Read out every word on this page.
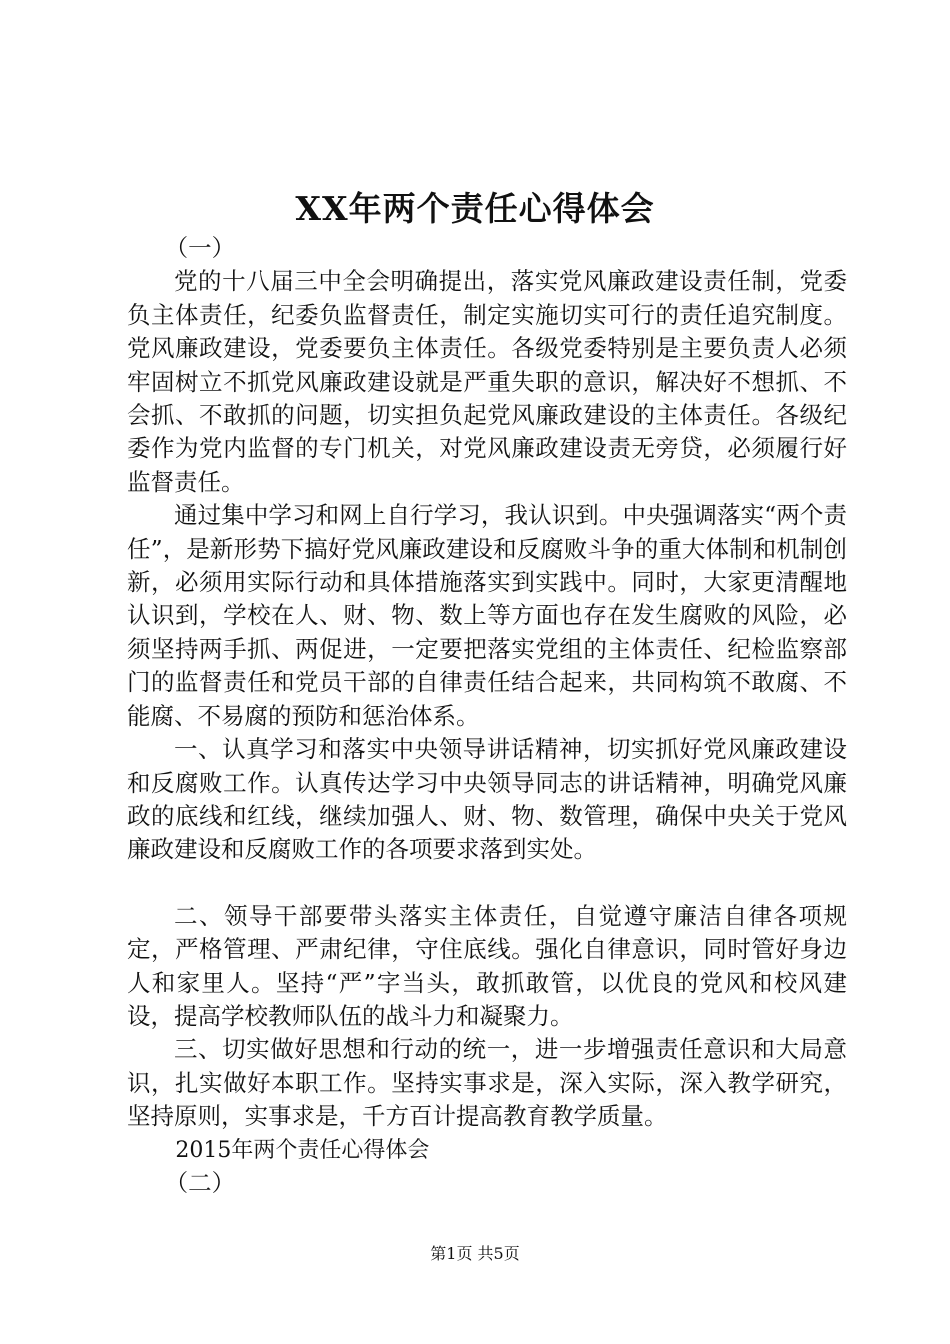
XX年两个责任心得体会

（一）

党的十八届三中全会明确提出，落实党风廉政建设责任制，党委负主体责任，纪委负监督责任，制定实施切实可行的责任追究制度。党风廉政建设，党委要负主体责任。各级党委特别是主要负责人必须牢固树立不抓党风廉政建设就是严重失职的意识，解决好不想抓、不会抓、不敢抓的问题，切实担负起党风廉政建设的主体责任。各级纪委作为党内监督的专门机关，对党风廉政建设责无旁贷，必须履行好监督责任。

通过集中学习和网上自行学习，我认识到。中央强调落实“两个责任”，是新形势下搞好党风廉政建设和反腐败斗争的重大体制和机制创新，必须用实际行动和具体措施落实到实践中。同时，大家更清醒地认识到，学校在人、财、物、数上等方面也存在发生腐败的风险，必须坚持两手抓、两促进，一定要把落实党组的主体责任、纪检监察部门的监督责任和党员干部的自律责任结合起来，共同构筑不敢腐、不能腐、不易腐的预防和惩治体系。

一、认真学习和落实中央领导讲话精神，切实抓好党风廉政建设和反腐败工作。认真传达学习中央领导同志的讲话精神，明确党风廉政的底线和红线，继续加强人、财、物、数管理，确保中央关于党风廉政建设和反腐败工作的各项要求落到实处。

二、领导干部要带头落实主体责任，自觉遵守廉洁自律各项规定，严格管理、严肃纪律，守住底线。强化自律意识，同时管好身边人和家里人。坚持“严”字当头，敢抓敢管，以优良的党风和校风建设，提高学校教师队伍的战斗力和凝聚力。

三、切实做好思想和行动的统一，进一步增强责任意识和大局意识，扎实做好本职工作。坚持实事求是，深入实际，深入教学研究，坚持原则，实事求是，千方百计提高教育教学质量。

2015年两个责任心得体会

（二）

第1页 共5页
